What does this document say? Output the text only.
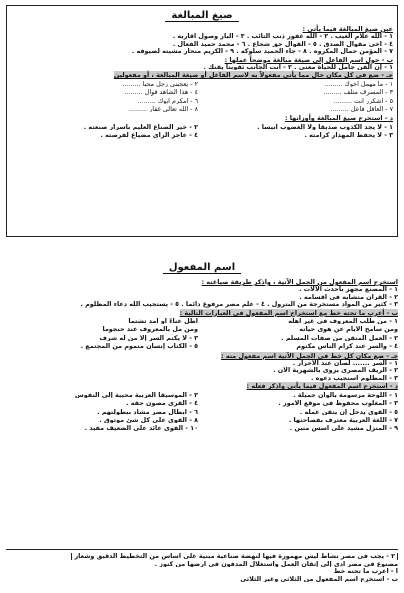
صيغ المبالغة
عين صيغ المبالغة فيما يأتى :
١ - الله علام الغيب . ٢ - الله غفور ذنب التائب . ٣ - البار وصول أقاربه .
٤ - أخى مقوال الصدق . ٥ - القوال حق شجاع . ٦ - محمد حميد الفعال .
٧ - المؤمن حمال المكروه . ٨ - جاء الحميد سلوكه . ٩ - الكريم منحار مشيته لضيوفه .
ب - حول اسم الفاعل إلى صيغة مبالغة موضحاً عملها :
١ - إن الفن جامل للحياة معنى . ٢ - أنت الجانب ثقوبنا يقنك .
جـ - ضع فى كل مكان خال مما يأتى مفعولاً به لاسم الفاعل أو صيغة المبالغة ، أو مفعولين
١ - ما مهمل أخوك .........
٢ - يعجبنى رجل محبا .........
٣ - المسرف متلف .........
٤ - هذا الشاهد قوال .........
٥ - أشكرر أنت .........
٦ - أمكرم أبوك .........
٧ - العاقل فاعل .........
٨ - الله تعالى غفار .........
د - استخرج صيغ المبالغة وأوزانها :
١ - لا يجد الكذوب صديقاً ولا الغضوب أنيساً .
٢ - خير الصناع العليم بأسرار صنعته .
٣ - لا يحفظ المهذار كرامته .
٤ - عاجز الرأى مضياع لفرصته .
اسم المفعول
استخرج اسم المفعول من الجمل الآتية ، واذكر طريقة صياغته :
١ - المصنع مجهز بأحدث الآلات .
٢ - القرآن متشابه فى أقسامه .
٣ - كثير من المواد مستخرجة من البترول . ٤ - علم مصر مرفوع دائماً . ٥ - يستجيب الله دعاء المظلوم .
ب - أعرب ما تحته خط مع استخراج اسم المفعول فى العبارات التالية :
١ - من طلب المعروف فى غير أهله
أطل عناءً أو أمد تشتماً
ومن سامح الأيام عن هوى حياته
ومن مل بالمعروف عند حنجوماً
٢ - العمل المتقن من صفات المسلم .
٣ - لا يكتم السر إلا من له شرف
٤ - والسر عند كرام الناس مكتوم
٥ - الكتاب إنسان منموم من المجتمع .
جـ - ضع مكان كل خط فى الجمل الآتية اسم مفعول منه :
١ - السر ....... لصان عند الأحرار .
٢ - الريف المصرى يزوى بالشهرية الآن .
٣ - المظلوم استجيب دعوه .
د - استخرج اسم المفعول فيما يأتى واذكر فعله :
١ - اللوحة مرسومة بألوان جميلة .
٢ - الموسيقا العربية محببة إلى النفوس
٣ - المغلوب محفوظ فى موقع الامور .
٤ - القرى مصون حقه .
٥ - القوى يدخل إن يتقن عمله .
٦ - أبطال مصر مشاد ببطولتهم .
٧ - اللغة العربية معترف بفصاحتها .
٨ - القوى على كل شئ موثوق .
٩ - المنزل مشيد على أسس متين .
١٠ - القوى عائد على الضعيف مفيد .
٢ - يجب فى مصر نشاط ليس مهمورة فيها لنهضة صناعية مبنية على أساس من التخطيط الدقيق وشعار
مصنوع فى مصر أدى إلى إتقان العمل واستغلال المدفون فى أرضها من كنوز .
أ - أعرب ما تحته خط
ب - استخرج اسم المفعول من الثلاثى وغير الثلاثى
